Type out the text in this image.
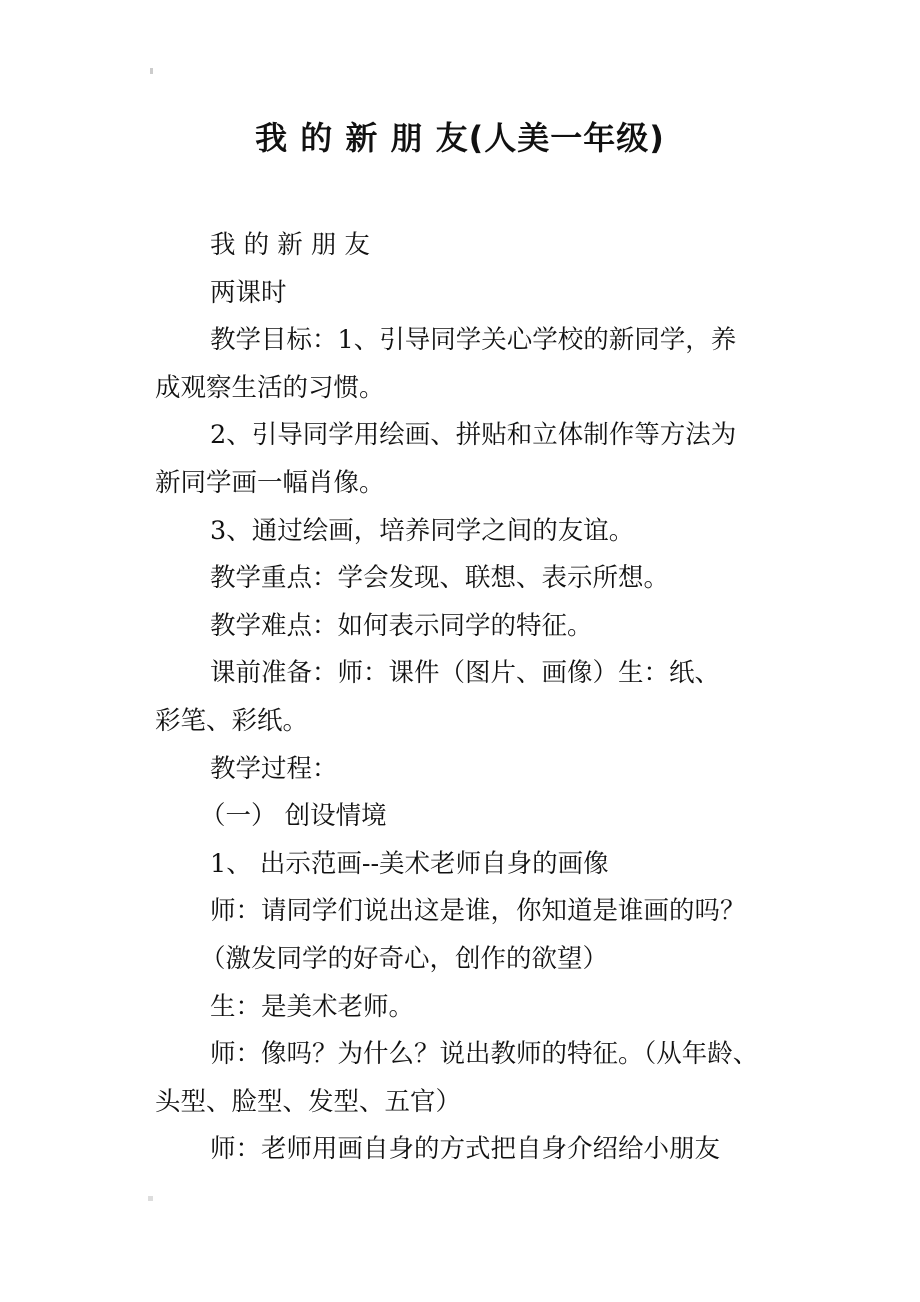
我 的 新 朋 友(人美一年级)

我 的 新 朋 友

两课时

教学目标：1、引导同学关心学校的新同学，养

成观察生活的习惯。

2、引导同学用绘画、拼贴和立体制作等方法为

新同学画一幅肖像。

3、通过绘画，培养同学之间的友谊。

教学重点：学会发现、联想、表示所想。

教学难点：如何表示同学的特征。

课前准备：师：课件（图片、画像）生：纸、

彩笔、彩纸。

教学过程：

（一） 创设情境

1、 出示范画--美术老师自身的画像

师：请同学们说出这是谁，你知道是谁画的吗？

（激发同学的好奇心，创作的欲望）

生：是美术老师。

师：像吗？为什么？说出教师的特征。（从年龄、

头型、脸型、发型、五官）

师：老师用画自身的方式把自身介绍给小朋友
